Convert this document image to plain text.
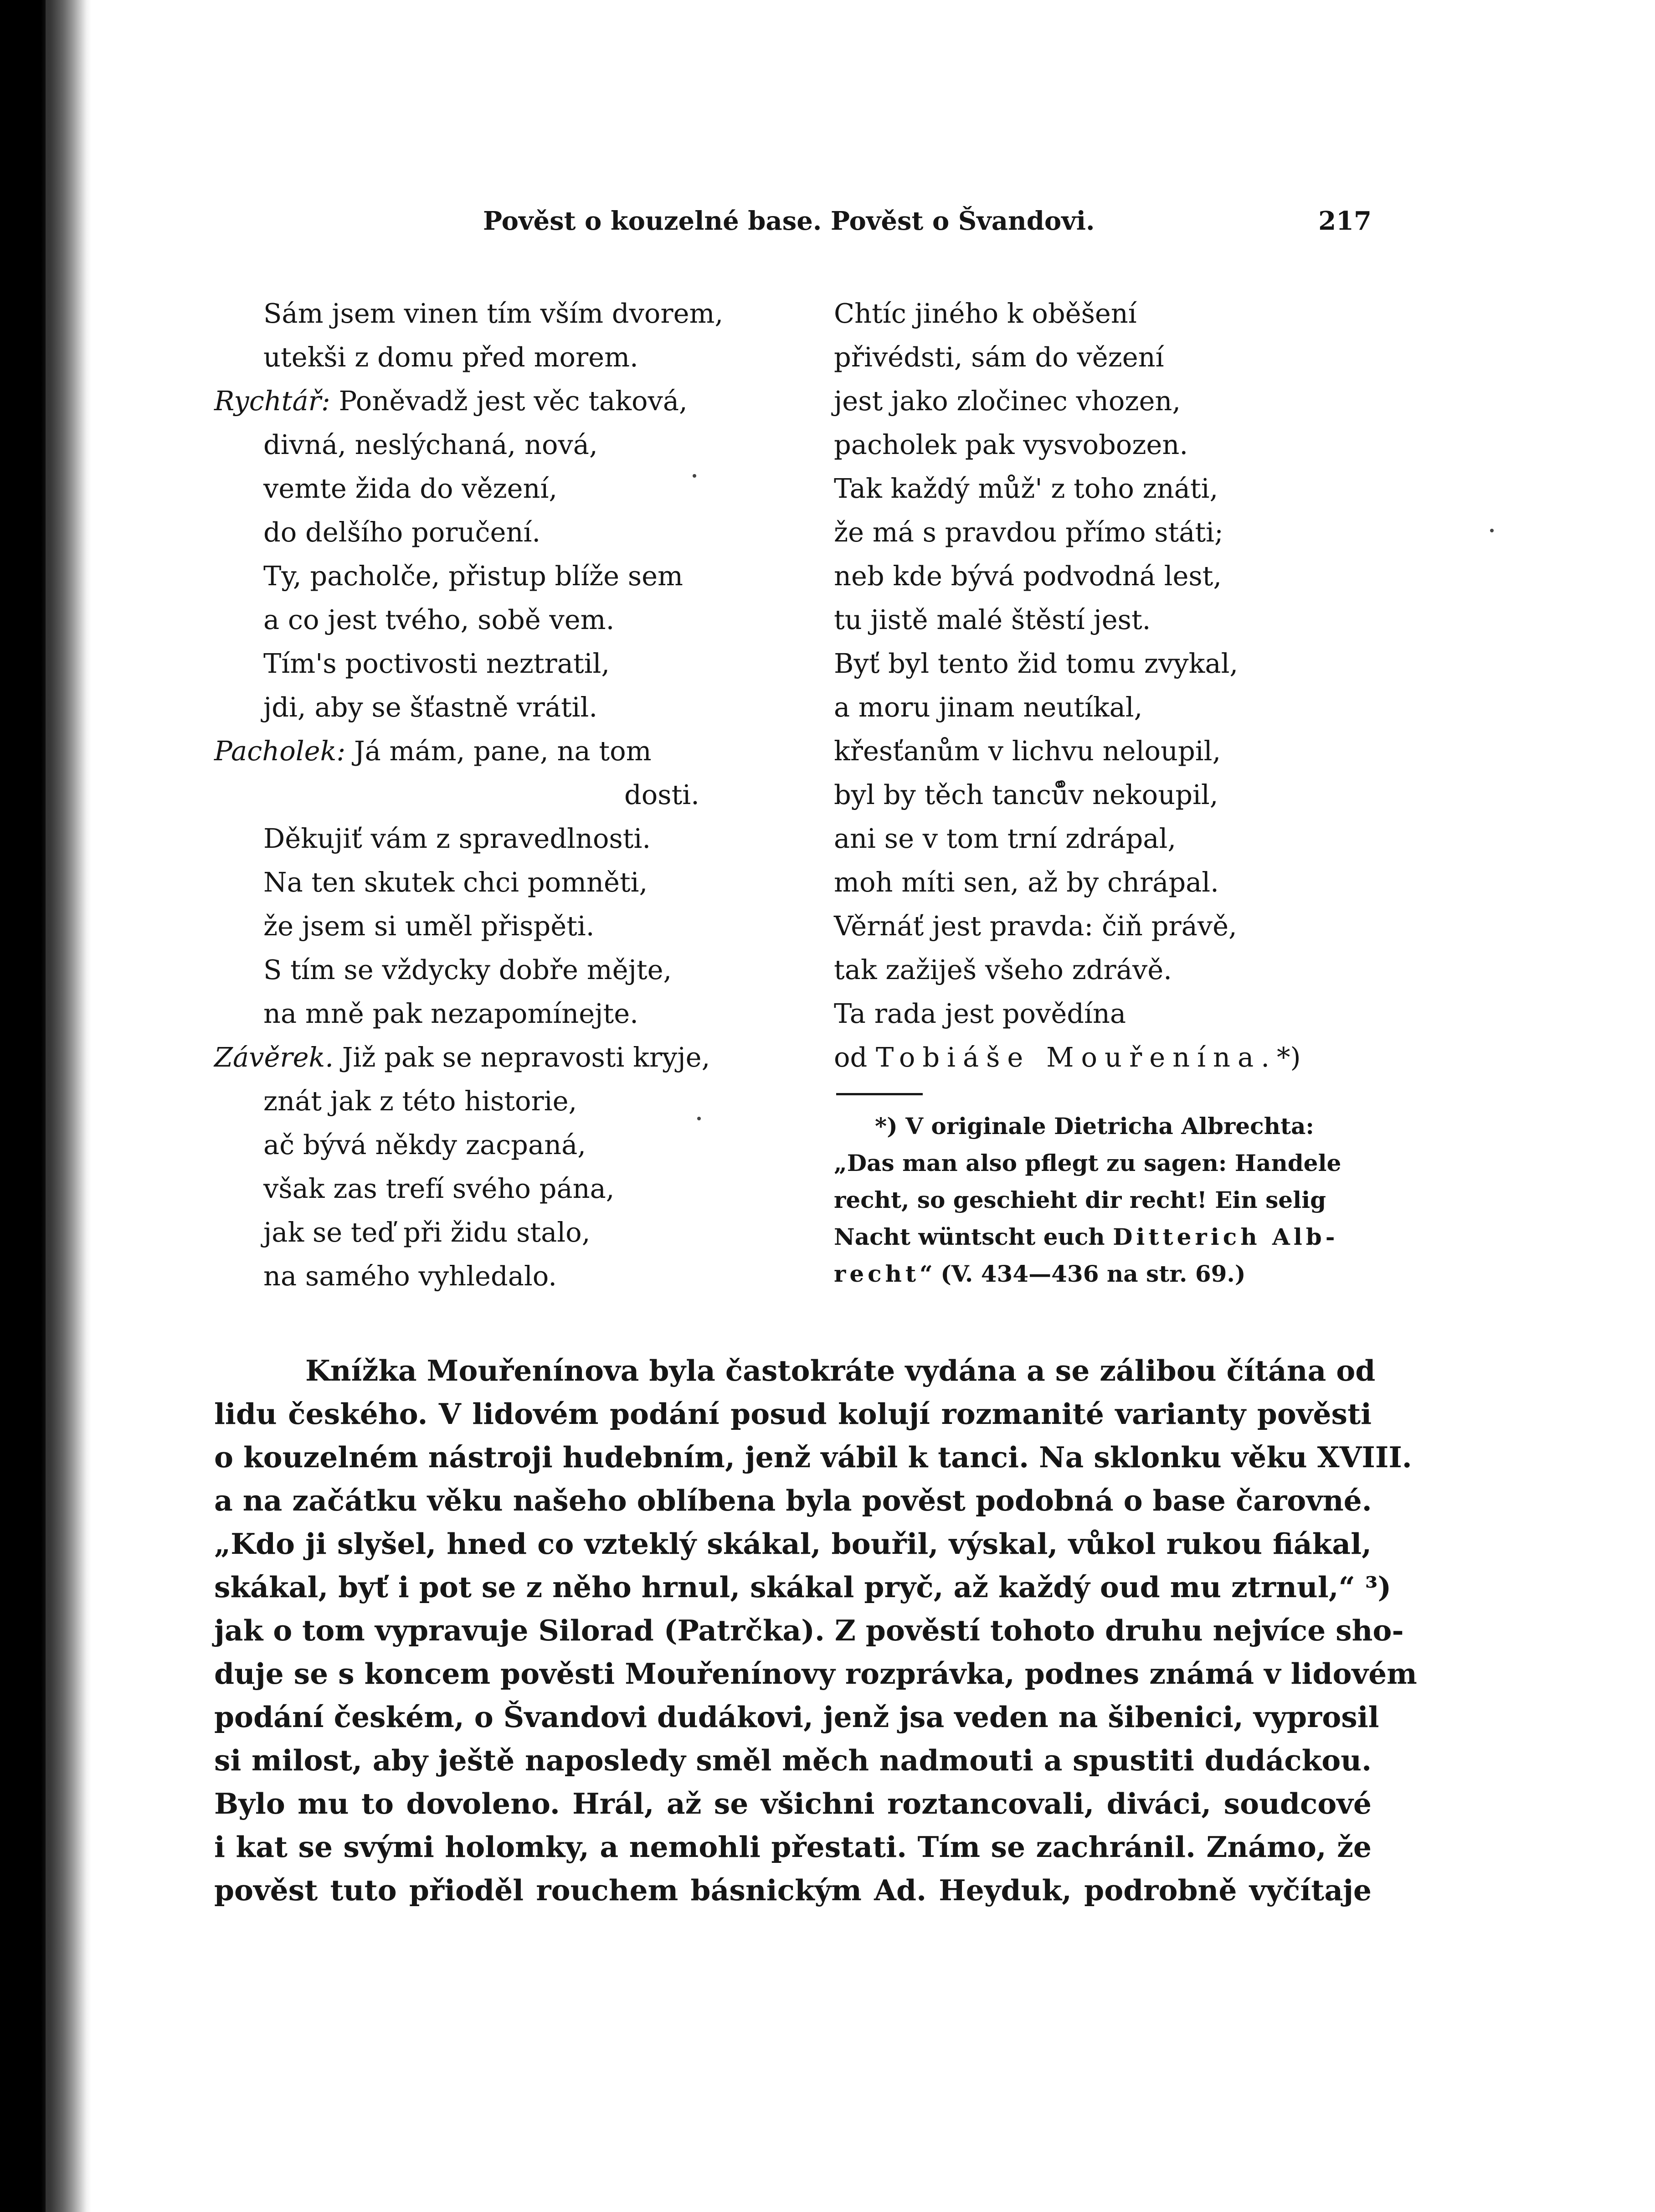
Pověst o kouzelné base. Pověst o Švandovi.	217
Sám jsem vinen tím vším dvorem,
utekši z domu před morem.
Rychtář: Poněvadž jest věc taková,
divná, neslýchaná, nová,
vemte žida do vězení,
do delšího poručení.
Ty, pacholče, přistup blíže sem
a co jest tvého, sobě vem.
Tím's poctivosti neztratil,
jdi, aby se šťastně vrátil.
Pacholek: Já mám, pane, na tom
dosti.
Děkujiť vám z spravedlnosti.
Na ten skutek chci pomněti,
že jsem si uměl přispěti.
S tím se vždycky dobře mějte,
na mně pak nezapomínejte.
Závěrek. Již pak se nepravosti kryje,
znát jak z této historie,
ač bývá někdy zacpaná,
však zas trefí svého pána,
jak se teď při židu stalo,
na samého vyhledalo.
Chtíc jiného k oběšení
přivédsti, sám do vězení
jest jako zločinec vhozen,
pacholek pak vysvobozen.
Tak každý můž' z toho znáti,
že má s pravdou přímo státi;
neb kde bývá podvodná lest,
tu jistě malé štěstí jest.
Byť byl tento žid tomu zvykal,
a moru jinam neutíkal,
křesťanům v lichvu neloupil,
byl by těch tanců̊v nekoupil,
ani se v tom trní zdrápal,
moh míti sen, až by chrápal.
Věrnáť jest pravda: čiň právě,
tak zažiješ všeho zdrávě.
Ta rada jest povědína
od Tobiáše Mouřenína.*)
*) V originale Dietricha Albrechta:
„Das man also pflegt zu sagen: Handele
recht, so geschieht dir recht! Ein selig
Nacht wüntscht euch Ditterich Alb-
recht“ (V. 434—436 na str. 69.)
Knížka Mouřenínova byla častokráte vydána a se zálibou čítána od
lidu českého. V lidovém podání posud kolují rozmanité varianty pověsti
o kouzelném nástroji hudebním, jenž vábil k tanci. Na sklonku věku XVIII.
a na začátku věku našeho oblíbena byla pověst podobná o base čarovné.
„Kdo ji slyšel, hned co vzteklý skákal, bouřil, výskal, vůkol rukou fiákal,
skákal, byť i pot se z něho hrnul, skákal pryč, až každý oud mu ztrnul,“ ³)
jak o tom vypravuje Silorad (Patrčka). Z pověstí tohoto druhu nejvíce sho-
duje se s koncem pověsti Mouřenínovy rozprávka, podnes známá v lidovém
podání českém, o Švandovi dudákovi, jenž jsa veden na šibenici, vyprosil
si milost, aby ještě naposledy směl měch nadmouti a spustiti dudáckou.
Bylo mu to dovoleno. Hrál, až se všichni roztancovali, diváci, soudcové
i kat se svými holomky, a nemohli přestati. Tím se zachránil. Známo, že
pověst tuto přioděl rouchem básnickým Ad. Heyduk, podrobně vyčítaje
